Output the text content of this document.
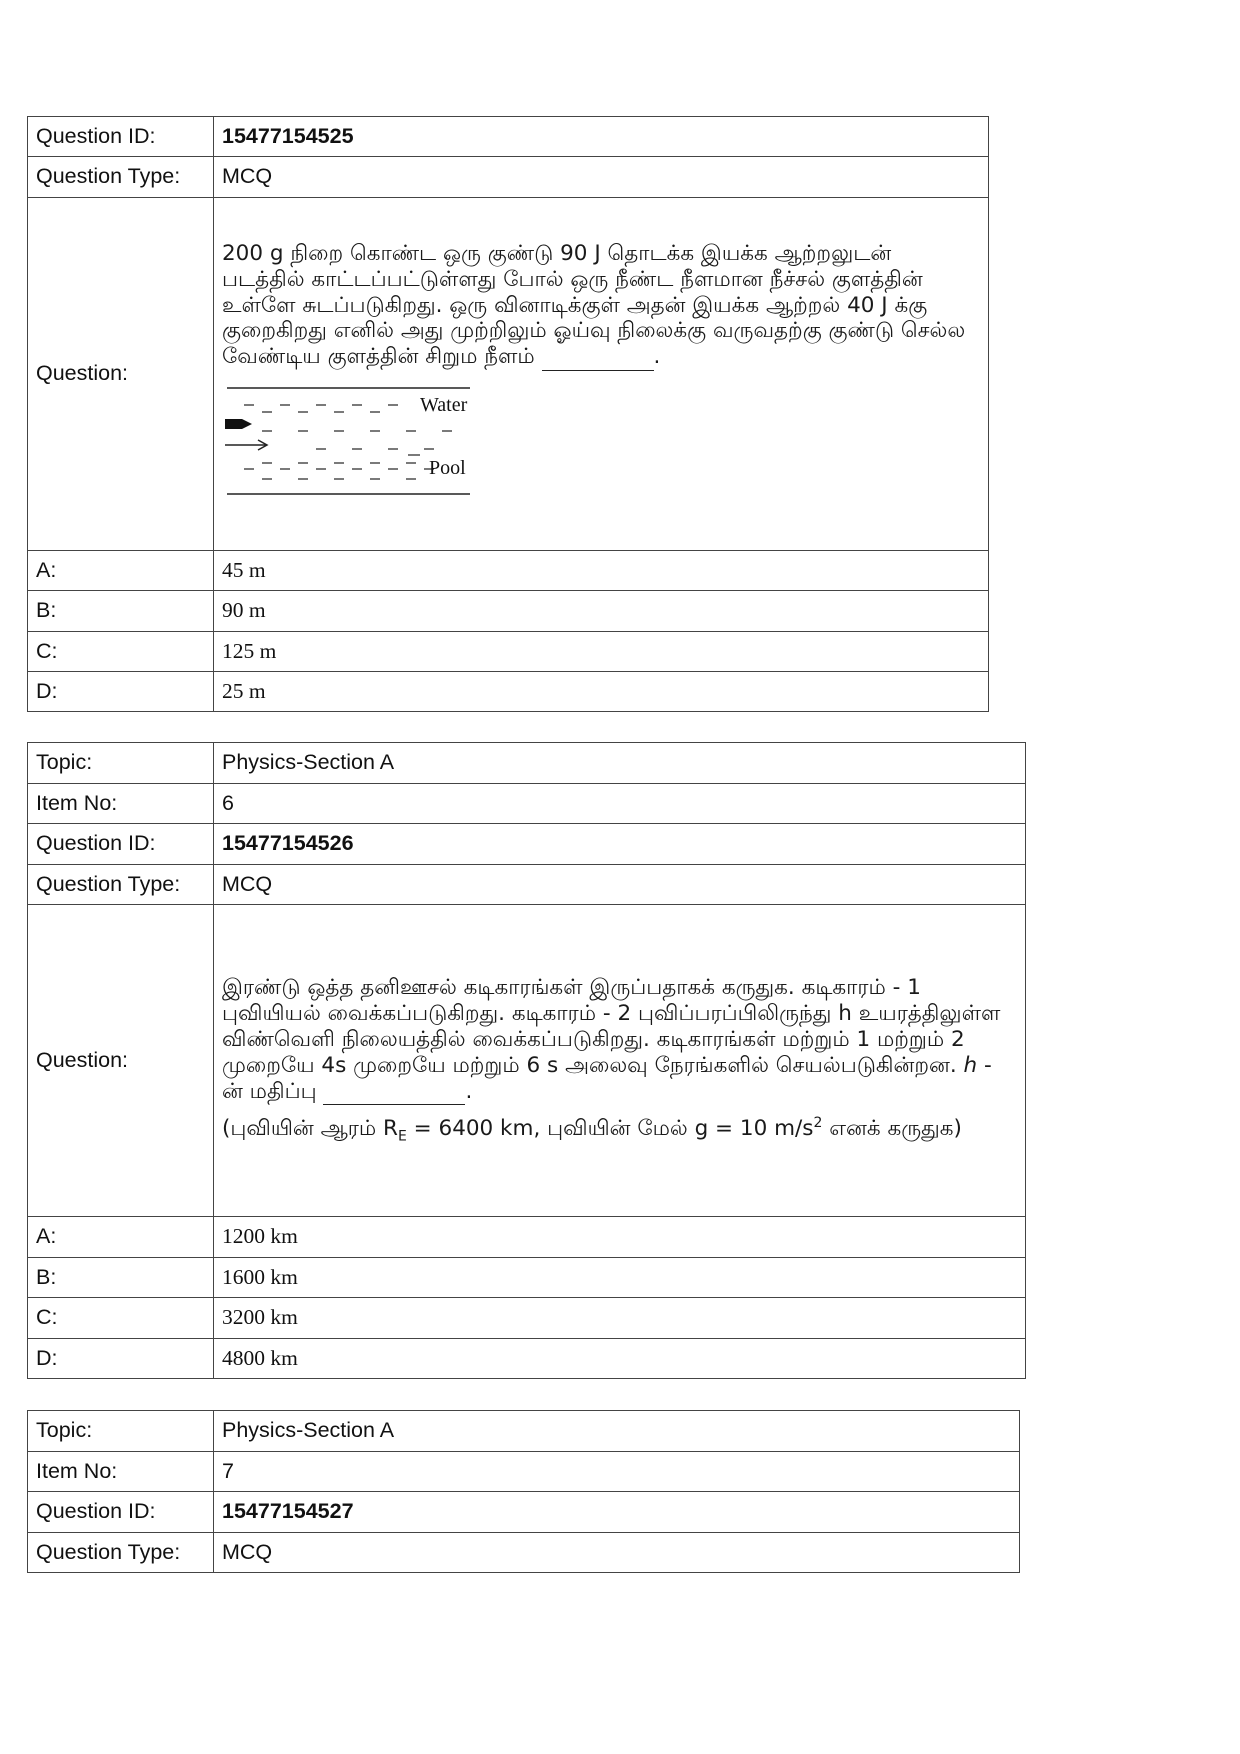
Question ID:	15477154525
Question Type:	MCQ
Question:	200 g நிறை கொண்ட ஒரு குண்டு 90 J தொடக்க இயக்க ஆற்றலுடன் படத்தில் காட்டப்பட்டுள்ளது போல் ஒரு நீண்ட நீளமான நீச்சல் குளத்தின் உள்ளே சுடப்படுகிறது. ஒரு வினாடிக்குள் அதன் இயக்க ஆற்றல் 40 J க்கு குறைகிறது எனில் அது முற்றிலும் ஓய்வு நிலைக்கு வருவதற்கு குண்டு செல்ல வேண்டிய குளத்தின் சிறும நீளம் .

Water
Pool

A:	45 m
B:	90 m
C:	125 m
D:	25 m
Topic:	Physics-Section A
Item No:	6
Question ID:	15477154526
Question Type:	MCQ
Question:	இரண்டு ஒத்த தனிஊசல் கடிகாரங்கள் இருப்பதாகக் கருதுக. கடிகாரம் - 1 புவியியல் வைக்கப்படுகிறது. கடிகாரம் - 2 புவிப்பரப்பிலிருந்து h உயரத்திலுள்ள விண்வெளி நிலையத்தில் வைக்கப்படுகிறது. கடிகாரங்கள் மற்றும் 1 மற்றும் 2 முறையே 4s முறையே மற்றும் 6 s அலைவு நேரங்களில் செயல்படுகின்றன. h - ன் மதிப்பு .

(புவியின் ஆரம் $R_E = 6400$ km, புவியின் மேல் g = 10 $m/s^2$ எனக் கருதுக)

A:	1200 km
B:	1600 km
C:	3200 km
D:	4800 km
Topic:	Physics-Section A
Item No:	7
Question ID:	15477154527
Question Type:	MCQ
